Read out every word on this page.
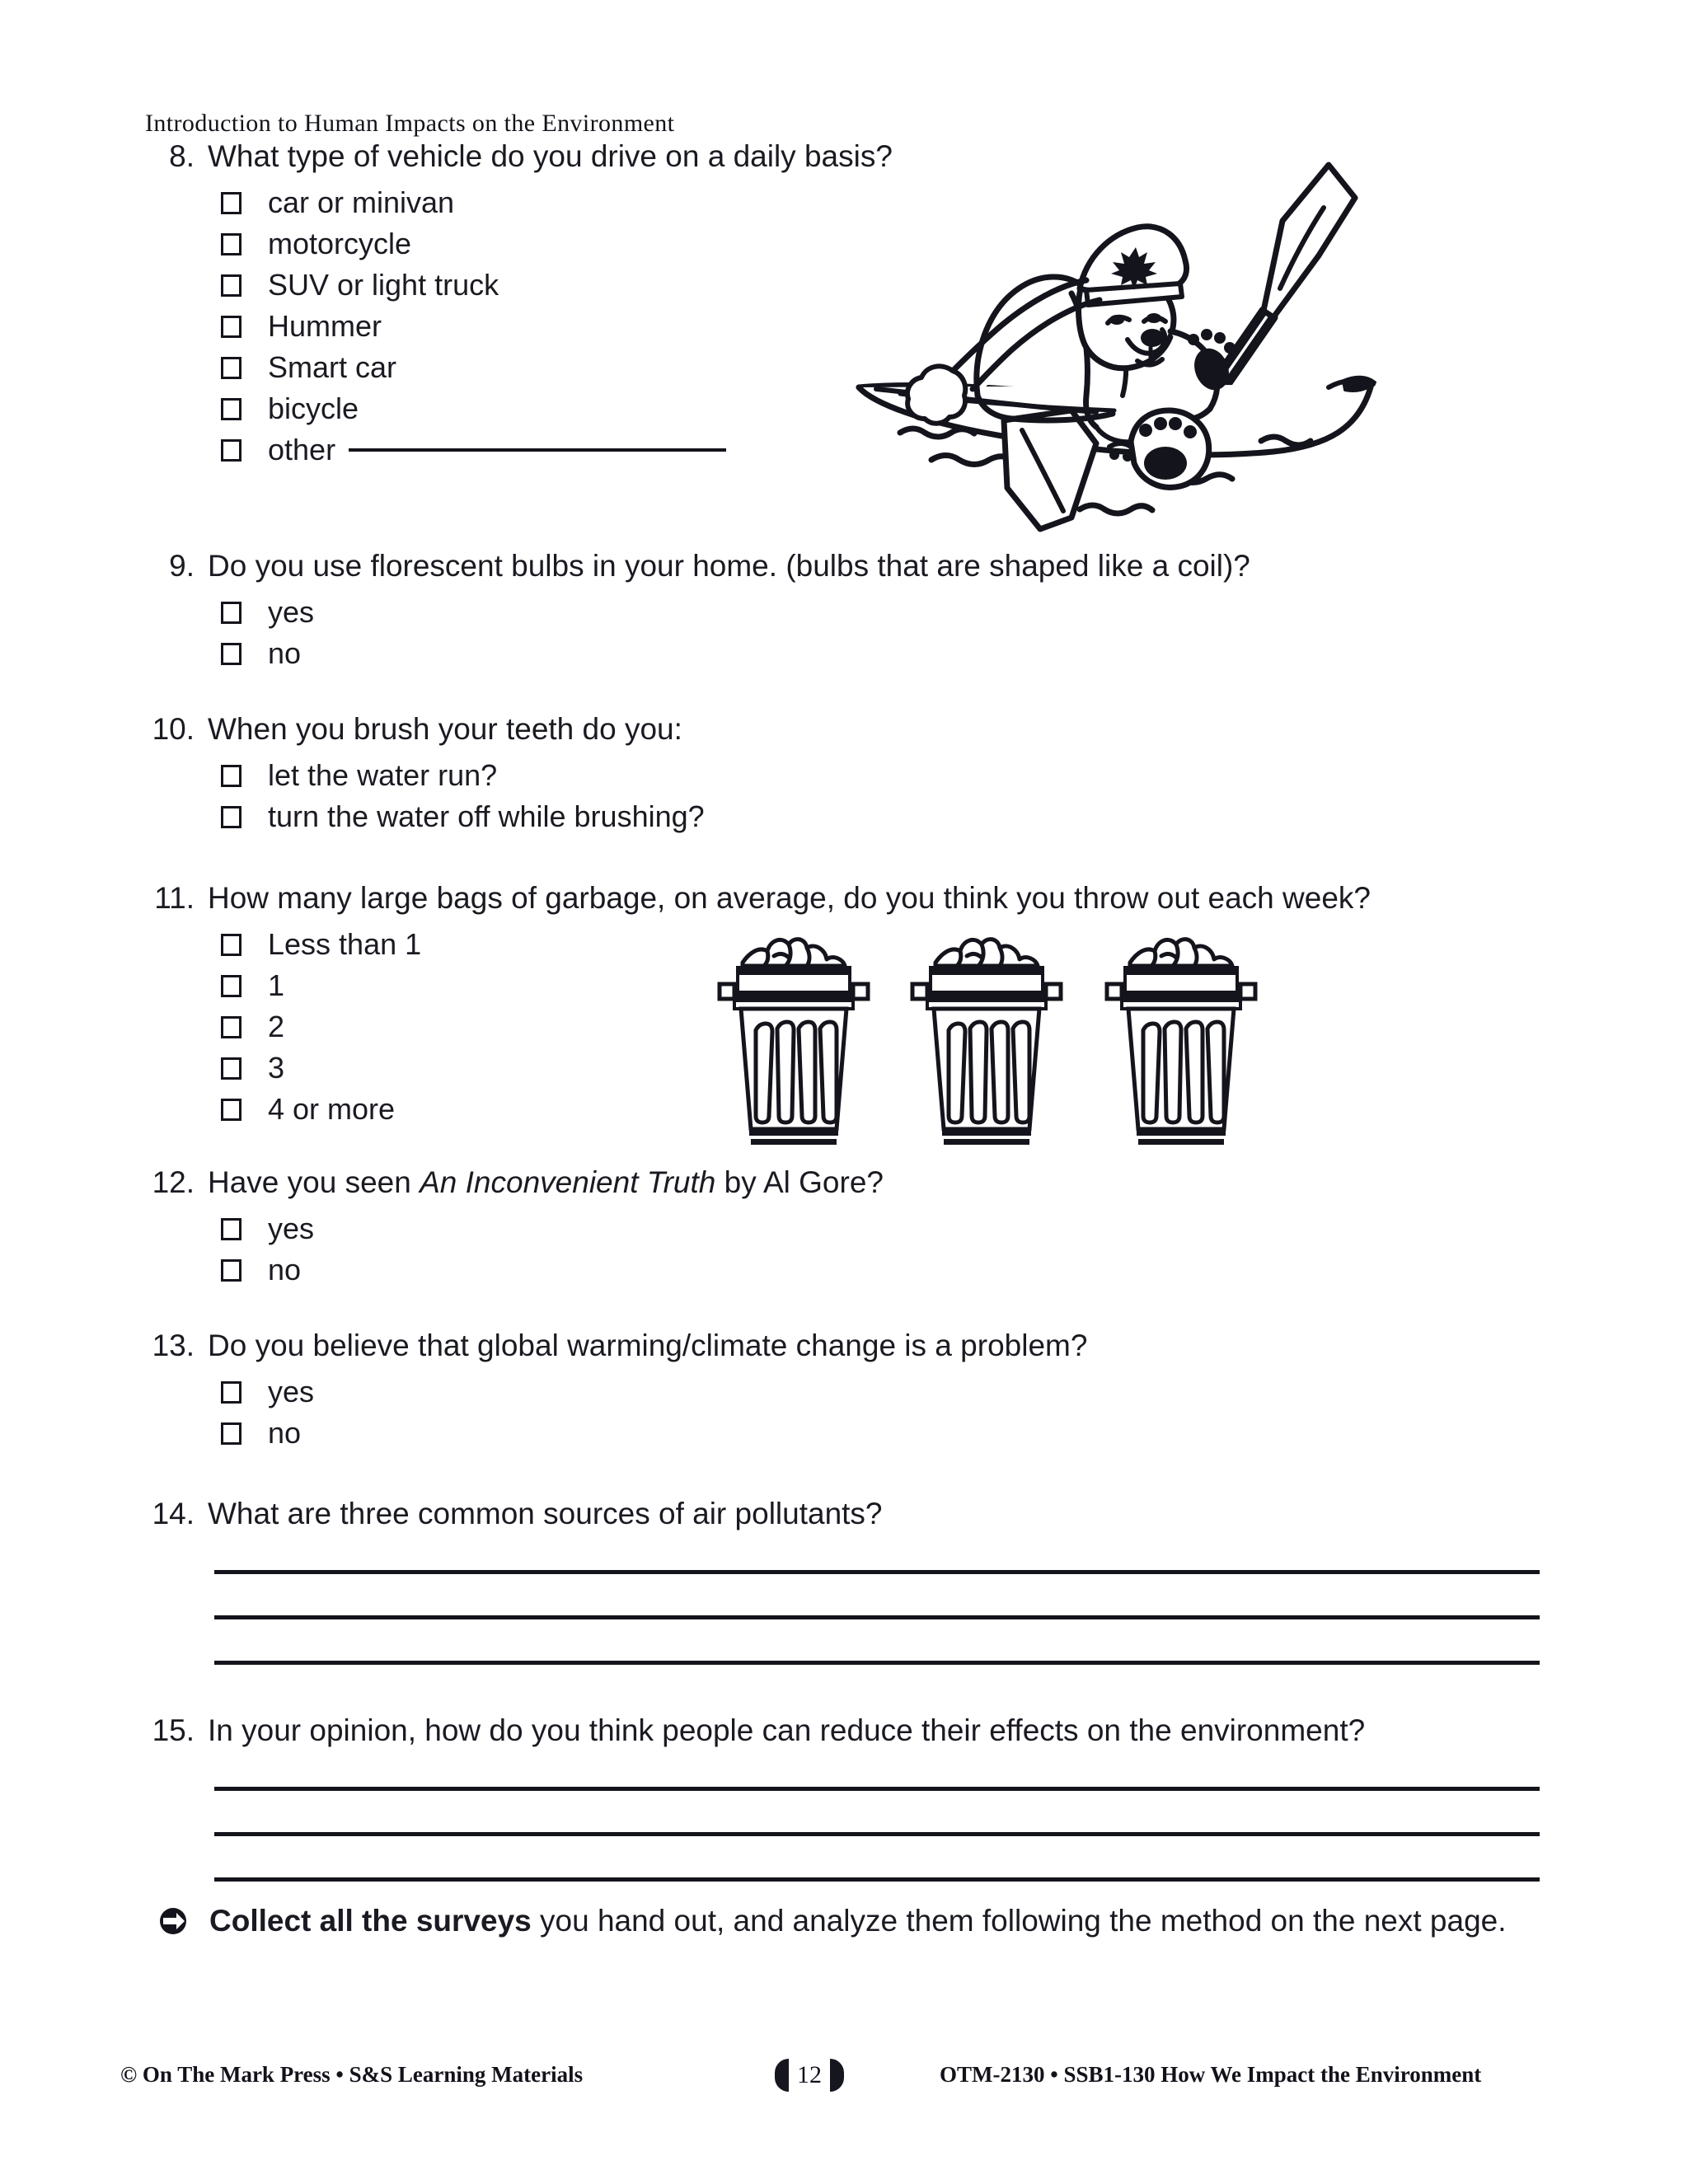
Introduction to Human Impacts on the Environment
8. What type of vehicle do you drive on a daily basis?
car or minivan
motorcycle
SUV or light truck
Hummer
Smart car
bicycle
other
9. Do you use florescent bulbs in your home. (bulbs that are shaped like a coil)?
yes
no
10. When you brush your teeth do you:
let the water run?
turn the water off while brushing?
11. How many large bags of garbage, on average, do you think you throw out each week?
Less than 1
1
2
3
4 or more
12. Have you seen An Inconvenient Truth by Al Gore?
yes
no
13. Do you believe that global warming/climate change is a problem?
yes
no
14. What are three common sources of air pollutants?
15. In your opinion, how do you think people can reduce their effects on the environment?
Collect all the surveys you hand out, and analyze them following the method on the next page.
© On The Mark Press • S&S Learning Materials	12	OTM-2130 • SSB1-130 How We Impact the Environment
